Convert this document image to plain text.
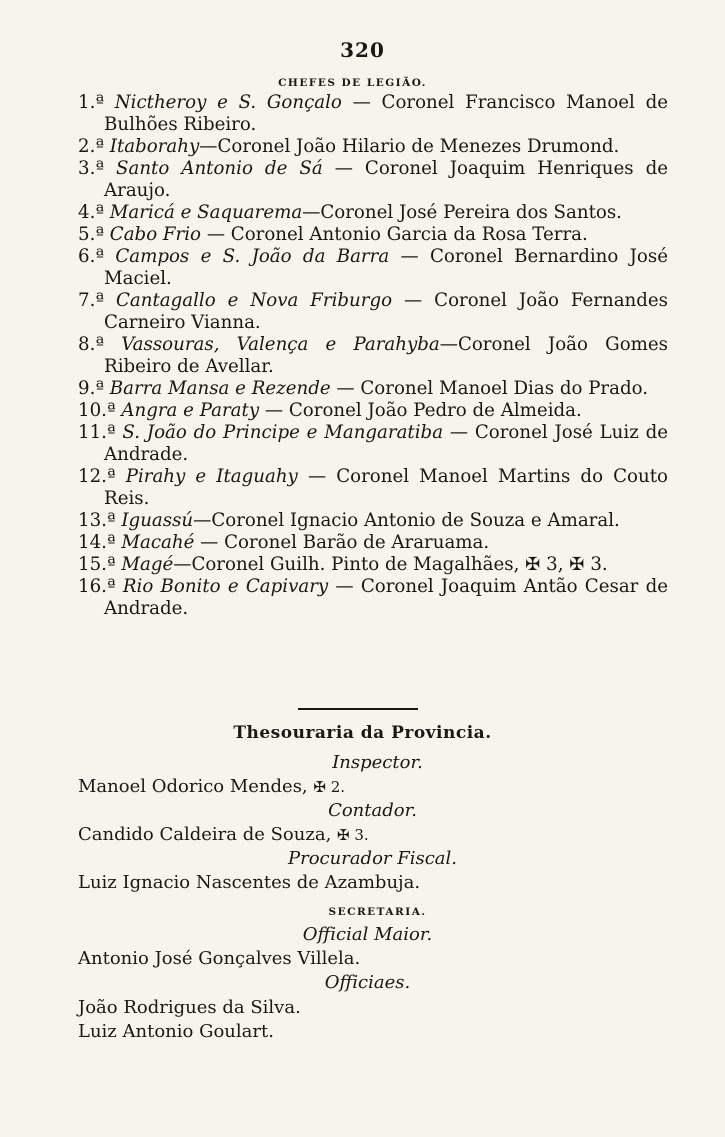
320
CHEFES DE LEGIÃO.
1.ª Nictheroy e S. Gonçalo — Coronel Francisco Manoel de Bulhões Ribeiro.
2.ª Itaborahy—Coronel João Hilario de Menezes Drumond.
3.ª Santo Antonio de Sá — Coronel Joaquim Henriques de Araujo.
4.ª Maricá e Saquarema—Coronel José Pereira dos Santos.
5.ª Cabo Frio — Coronel Antonio Garcia da Rosa Terra.
6.ª Campos e S. João da Barra — Coronel Bernardino José Maciel.
7.ª Cantagallo e Nova Friburgo — Coronel João Fernandes Carneiro Vianna.
8.ª Vassouras, Valença e Parahyba—Coronel João Gomes Ribeiro de Avellar.
9.ª Barra Mansa e Rezende — Coronel Manoel Dias do Prado.
10.ª Angra e Paraty — Coronel João Pedro de Almeida.
11.ª S. João do Principe e Mangaratiba — Coronel José Luiz de Andrade.
12.ª Pirahy e Itaguahy — Coronel Manoel Martins do Couto Reis.
13.ª Iguassú—Coronel Ignacio Antonio de Souza e Amaral.
14.ª Macahé — Coronel Barão de Araruama.
15.ª Magé—Coronel Guilh. Pinto de Magalhães, ✠ 3, ✠ 3.
16.ª Rio Bonito e Capivary — Coronel Joaquim Antão Cesar de Andrade.
Thesouraria da Provincia.
Inspector.
Manoel Odorico Mendes, ✠ 2.
Contador.
Candido Caldeira de Souza, ✠ 3.
Procurador Fiscal.
Luiz Ignacio Nascentes de Azambuja.
SECRETARIA.
Official Maior.
Antonio José Gonçalves Villela.
Officiaes.
João Rodrigues da Silva.
Luiz Antonio Goulart.
